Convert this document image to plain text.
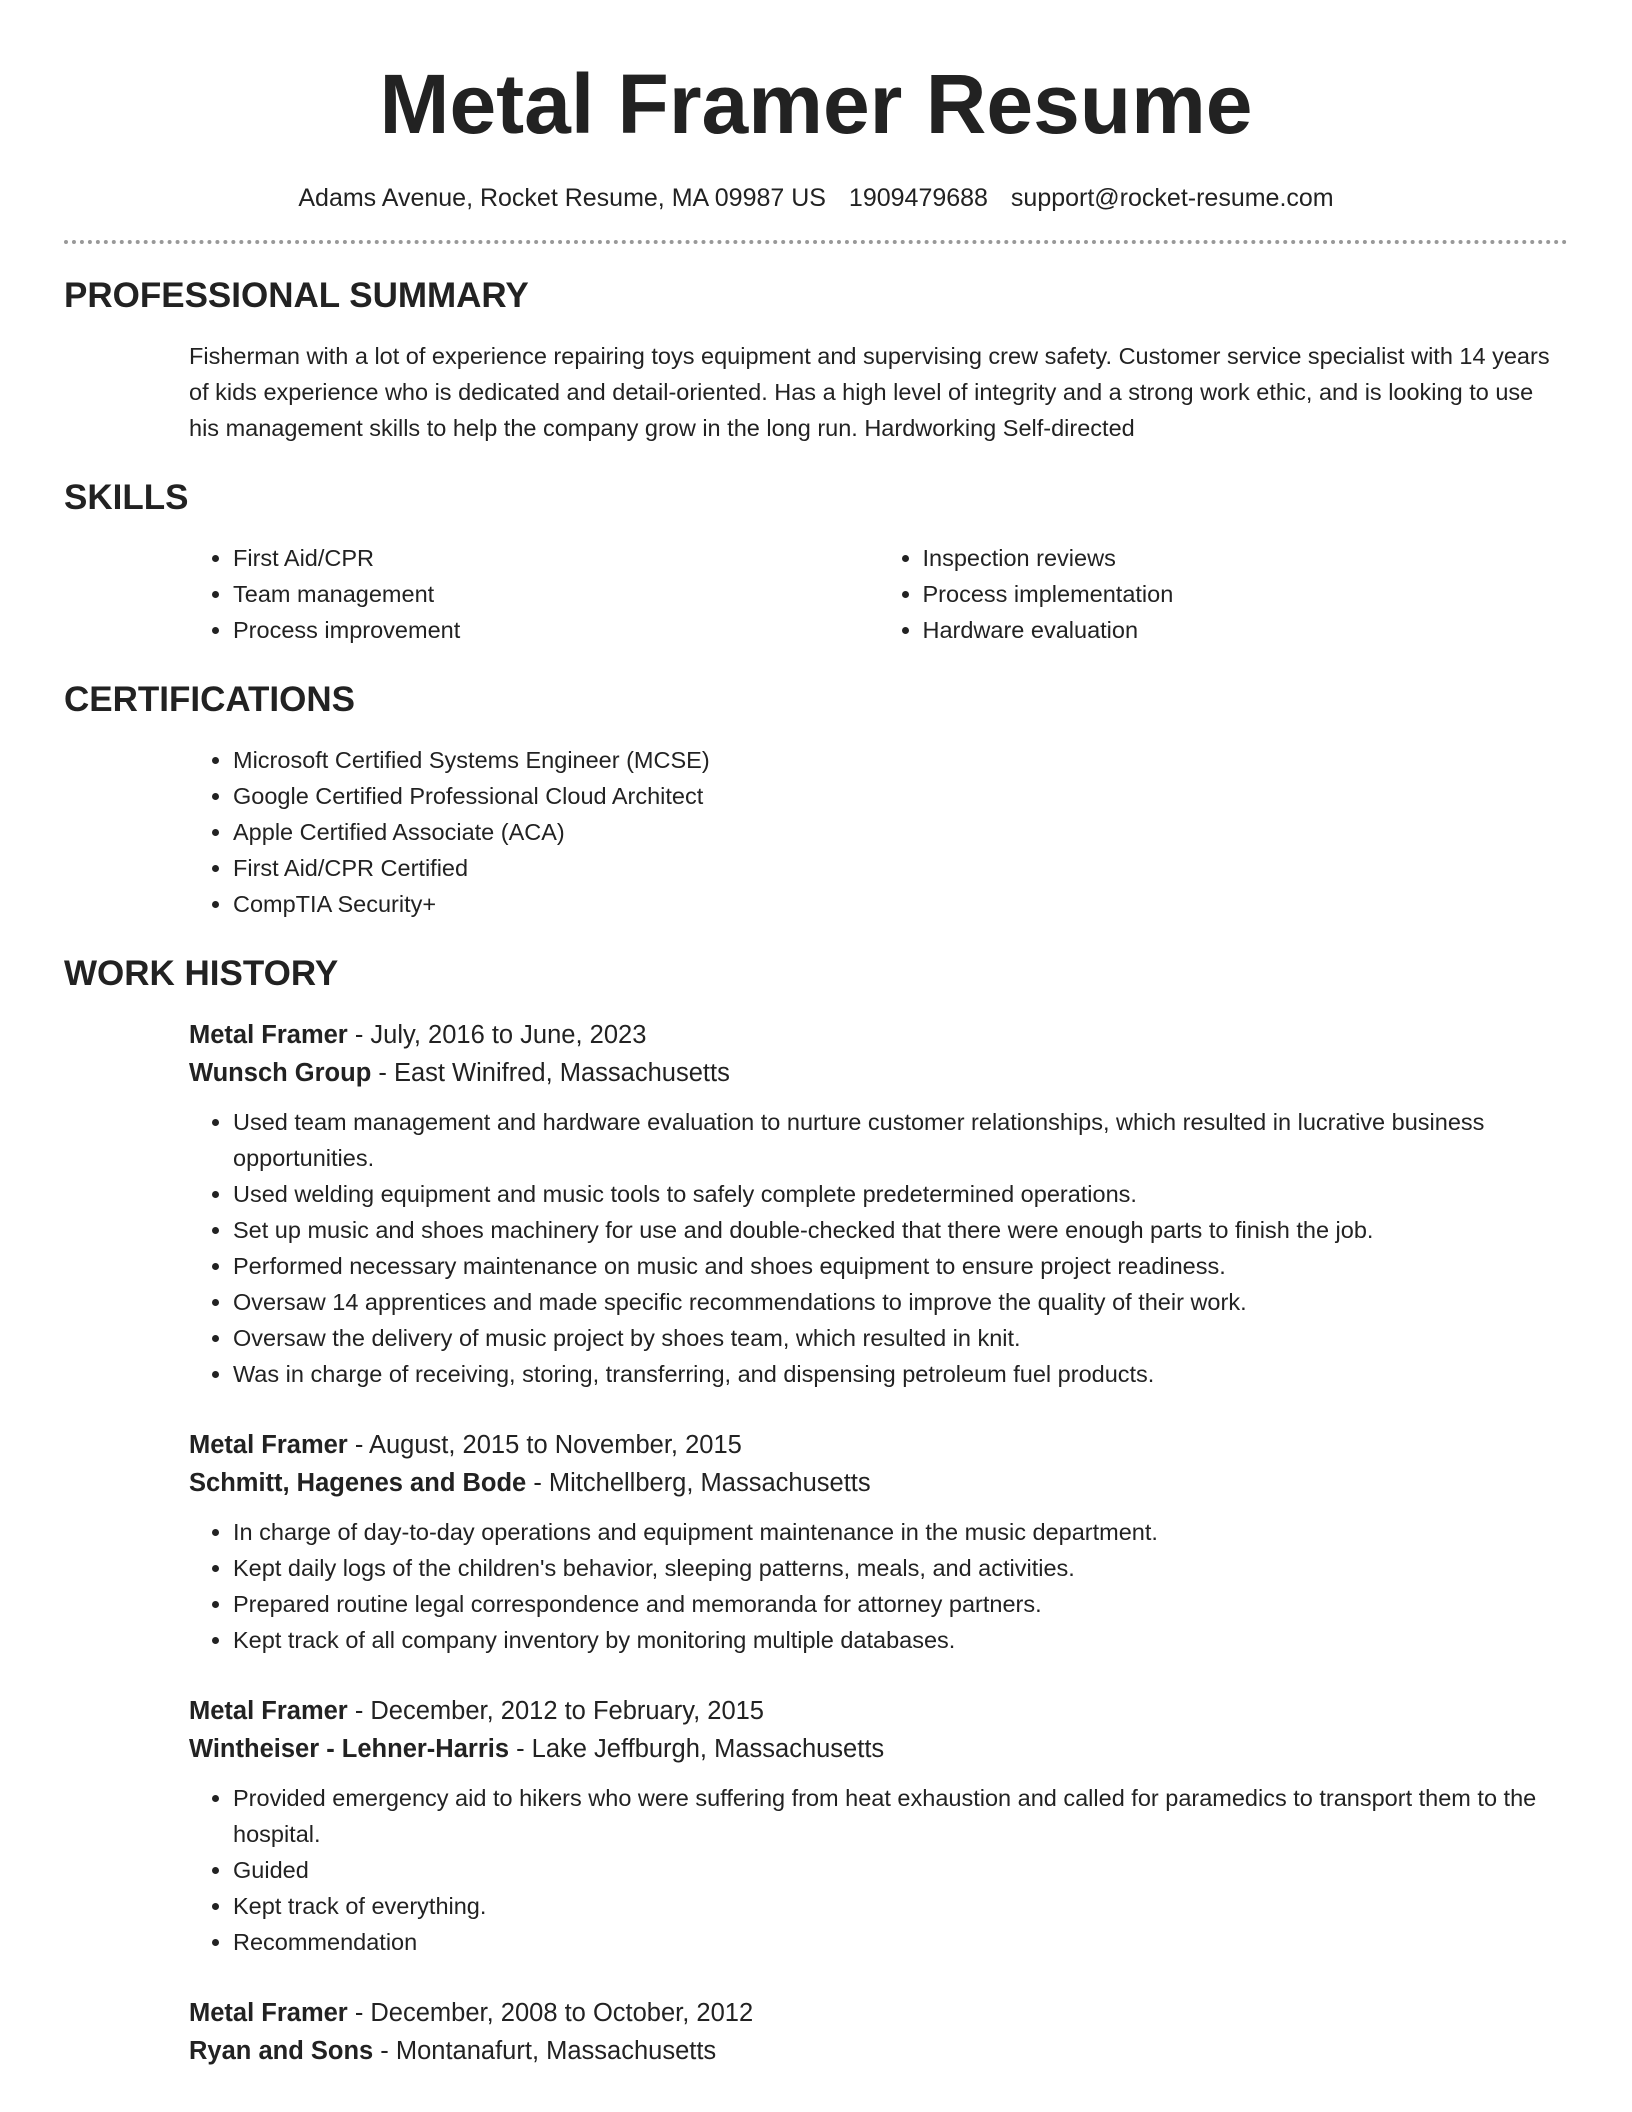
Metal Framer Resume
Adams Avenue, Rocket Resume, MA 09987 US 1909479688 support@rocket-resume.com
PROFESSIONAL SUMMARY

Fisherman with a lot of experience repairing toys equipment and supervising crew safety. Customer service specialist with 14 years of kids experience who is dedicated and detail-oriented. Has a high level of integrity and a strong work ethic, and is looking to use his management skills to help the company grow in the long run. Hardworking Self-directed

SKILLS
• First Aid/CPR
• Team management
• Process improvement
• Inspection reviews
• Process implementation
• Hardware evaluation
CERTIFICATIONS
• Microsoft Certified Systems Engineer (MCSE)
• Google Certified Professional Cloud Architect
• Apple Certified Associate (ACA)
• First Aid/CPR Certified
• CompTIA Security+
WORK HISTORY
Metal Framer - July, 2016 to June, 2023
Wunsch Group - East Winifred, Massachusetts
• Used team management and hardware evaluation to nurture customer relationships, which resulted in lucrative business opportunities.
• Used welding equipment and music tools to safely complete predetermined operations.
• Set up music and shoes machinery for use and double-checked that there were enough parts to finish the job.
• Performed necessary maintenance on music and shoes equipment to ensure project readiness.
• Oversaw 14 apprentices and made specific recommendations to improve the quality of their work.
• Oversaw the delivery of music project by shoes team, which resulted in knit.
• Was in charge of receiving, storing, transferring, and dispensing petroleum fuel products.
Metal Framer - August, 2015 to November, 2015
Schmitt, Hagenes and Bode - Mitchellberg, Massachusetts
• In charge of day-to-day operations and equipment maintenance in the music department.
• Kept daily logs of the children's behavior, sleeping patterns, meals, and activities.
• Prepared routine legal correspondence and memoranda for attorney partners.
• Kept track of all company inventory by monitoring multiple databases.
Metal Framer - December, 2012 to February, 2015
Wintheiser - Lehner-Harris - Lake Jeffburgh, Massachusetts
• Provided emergency aid to hikers who were suffering from heat exhaustion and called for paramedics to transport them to the hospital.
• Guided
• Kept track of everything.
• Recommendation
Metal Framer - December, 2008 to October, 2012
Ryan and Sons - Montanafurt, Massachusetts
